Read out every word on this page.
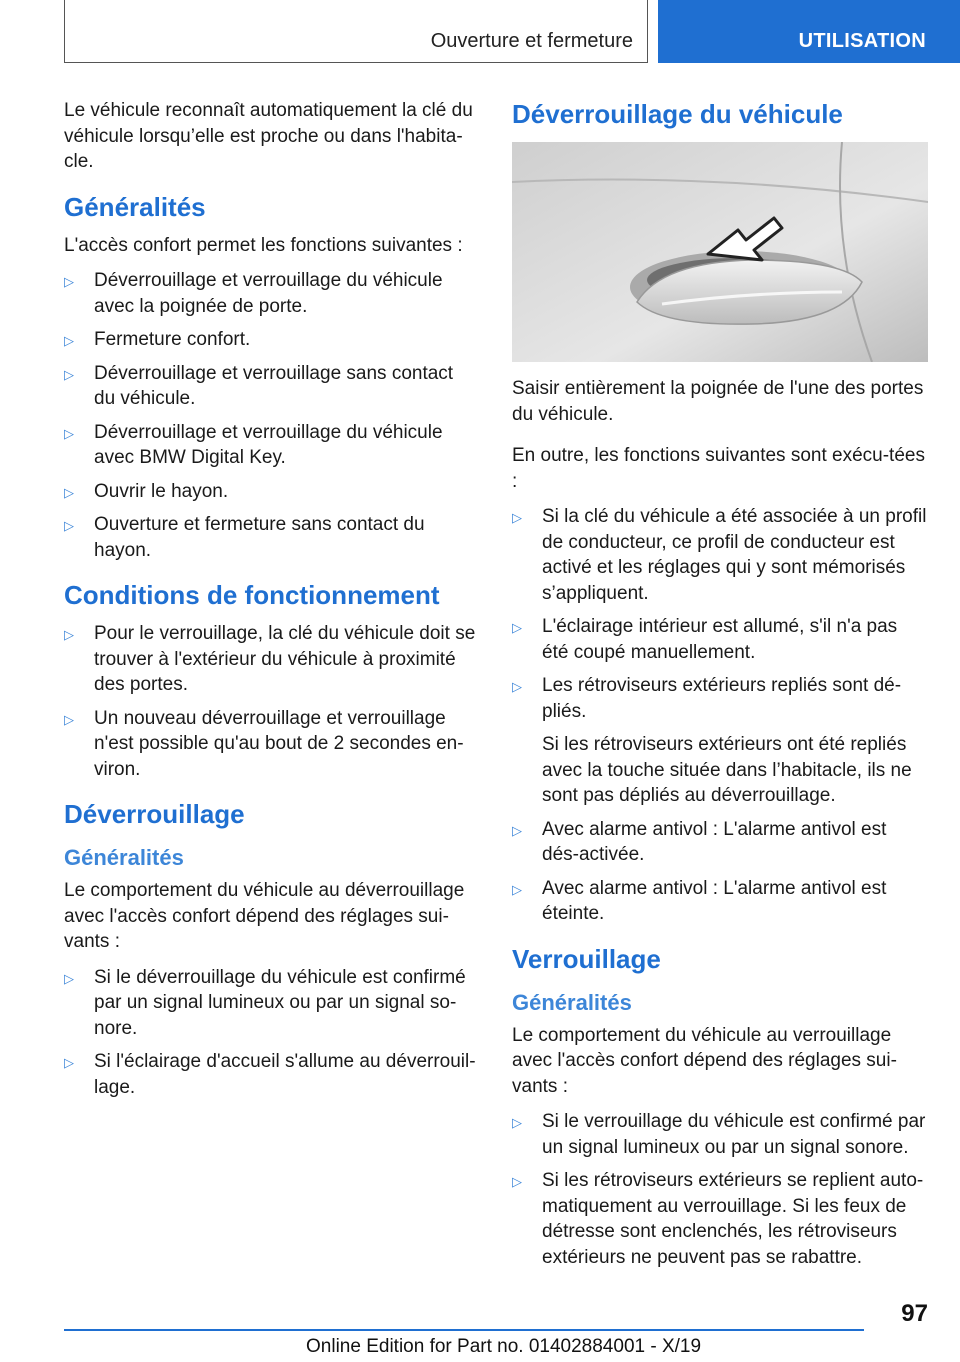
Ouverture et fermeture	UTILISATION

Le véhicule reconnaît automatiquement la clé du véhicule lorsqu’elle est proche ou dans l'habita-cle.

Généralités

L'accès confort permet les fonctions suivantes :

▷ Déverrouillage et verrouillage du véhicule avec la poignée de porte.
▷ Fermeture confort.
▷ Déverrouillage et verrouillage sans contact du véhicule.
▷ Déverrouillage et verrouillage du véhicule avec BMW Digital Key.
▷ Ouvrir le hayon.
▷ Ouverture et fermeture sans contact du hayon.
Conditions de fonctionnement
▷ Pour le verrouillage, la clé du véhicule doit se trouver à l'extérieur du véhicule à proximité des portes.
▷ Un nouveau déverrouillage et verrouillage n'est possible qu'au bout de 2 secondes en-viron.
Déverrouillage
Généralités

Le comportement du véhicule au déverrouillage avec l'accès confort dépend des réglages sui-vants :

▷ Si le déverrouillage du véhicule est confirmé par un signal lumineux ou par un signal so-nore.
▷ Si l'éclairage d'accueil s'allume au déverrouil-lage.
Déverrouillage du véhicule

Saisir entièrement la poignée de l'une des portes du véhicule.

En outre, les fonctions suivantes sont exécu-tées :

▷ Si la clé du véhicule a été associée à un profil de conducteur, ce profil de conducteur est activé et les réglages qui y sont mémorisés s’appliquent.
▷ L'éclairage intérieur est allumé, s'il n'a pas été coupé manuellement.
▷ Les rétroviseurs extérieurs repliés sont dé-pliés.
Si les rétroviseurs extérieurs ont été repliés avec la touche située dans l’habitacle, ils ne sont pas dépliés au déverrouillage.
▷ Avec alarme antivol : L'alarme antivol est dés-activée.
▷ Avec alarme antivol : L'alarme antivol est éteinte.
Verrouillage
Généralités

Le comportement du véhicule au verrouillage avec l'accès confort dépend des réglages sui-vants :

▷ Si le verrouillage du véhicule est confirmé par un signal lumineux ou par un signal sonore.
▷ Si les rétroviseurs extérieurs se replient auto-matiquement au verrouillage. Si les feux de détresse sont enclenchés, les rétroviseurs extérieurs ne peuvent pas se rabattre.
97
Online Edition for Part no. 01402884001 - X/19
